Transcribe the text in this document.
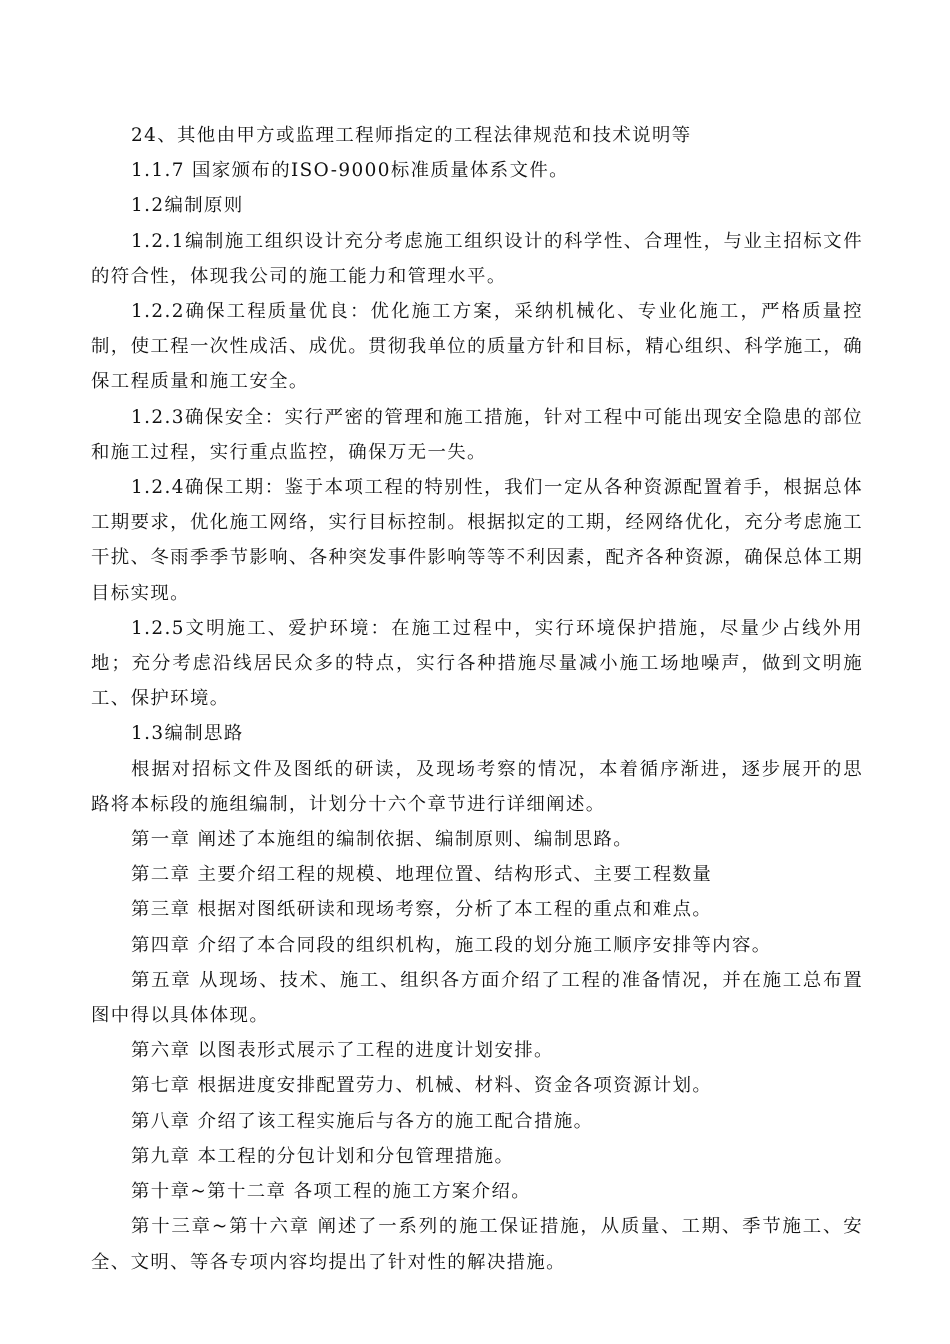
24、其他由甲方或监理工程师指定的工程法律规范和技术说明等

1.1.7 国家颁布的ISO-9000标准质量体系文件。

1.2编制原则

1.2.1编制施工组织设计充分考虑施工组织设计的科学性、合理性，与业主招标文件的符合性，体现我公司的施工能力和管理水平。

1.2.2确保工程质量优良：优化施工方案，采纳机械化、专业化施工，严格质量控制，使工程一次性成活、成优。贯彻我单位的质量方针和目标，精心组织、科学施工，确保工程质量和施工安全。

1.2.3确保安全：实行严密的管理和施工措施，针对工程中可能出现安全隐患的部位和施工过程，实行重点监控，确保万无一失。

1.2.4确保工期：鉴于本项工程的特别性，我们一定从各种资源配置着手，根据总体工期要求，优化施工网络，实行目标控制。根据拟定的工期，经网络优化，充分考虑施工干扰、冬雨季季节影响、各种突发事件影响等等不利因素，配齐各种资源，确保总体工期目标实现。

1.2.5文明施工、爱护环境：在施工过程中，实行环境保护措施，尽量少占线外用地；充分考虑沿线居民众多的特点，实行各种措施尽量减小施工场地噪声，做到文明施工、保护环境。

1.3编制思路

根据对招标文件及图纸的研读，及现场考察的情况，本着循序渐进，逐步展开的思路将本标段的施组编制，计划分十六个章节进行详细阐述。

第一章 阐述了本施组的编制依据、编制原则、编制思路。

第二章 主要介绍工程的规模、地理位置、结构形式、主要工程数量

第三章 根据对图纸研读和现场考察，分析了本工程的重点和难点。

第四章 介绍了本合同段的组织机构，施工段的划分施工顺序安排等内容。

第五章 从现场、技术、施工、组织各方面介绍了工程的准备情况，并在施工总布置图中得以具体体现。

第六章 以图表形式展示了工程的进度计划安排。

第七章 根据进度安排配置劳力、机械、材料、资金各项资源计划。

第八章 介绍了该工程实施后与各方的施工配合措施。

第九章 本工程的分包计划和分包管理措施。

第十章~第十二章 各项工程的施工方案介绍。

第十三章~第十六章 阐述了一系列的施工保证措施，从质量、工期、季节施工、安全、文明、等各专项内容均提出了针对性的解决措施。
